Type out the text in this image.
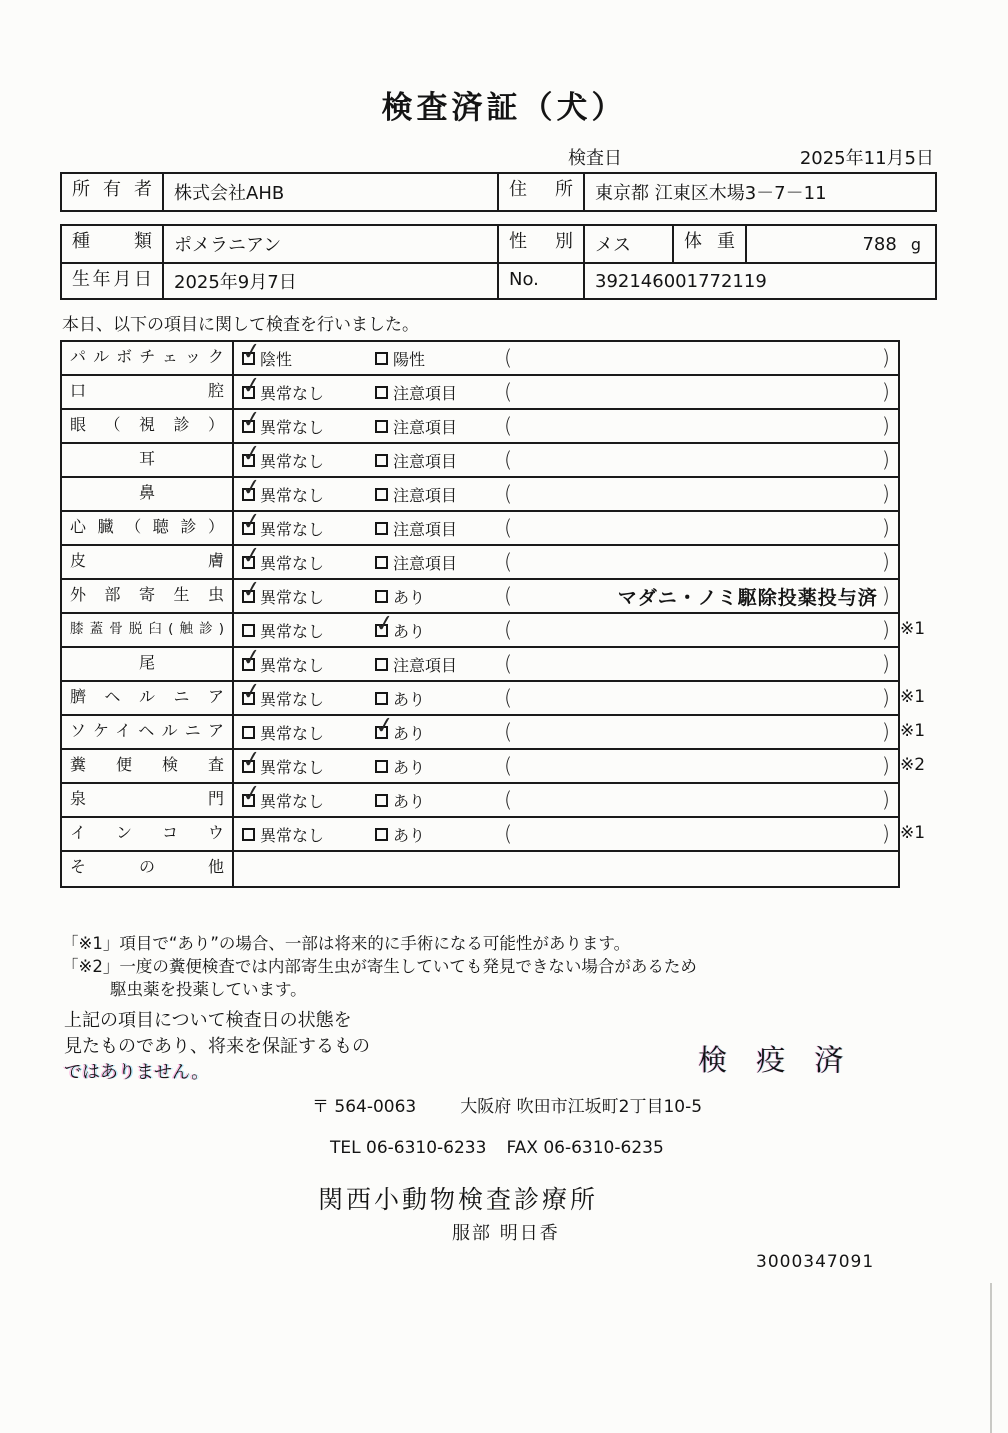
検査済証（犬）
検査日	2025年11月5日
所有者	株式会社AHB	住所	東京都 江東区木場3－7－11
種類	ポメラニアン	性別	メス	体重	788 g
生年月日	2025年9月7日	No.	392146001772119
本日、以下の項目に関して検査を行いました。
パルボチェック ✓	陰性	陽性	(	)
口腔 ✓	異常なし	注意項目 (	)
眼（視診） ✓	異常なし	注意項目 (	)
耳 ✓	異常なし	注意項目 (	)
鼻 ✓	異常なし	注意項目 (	)
心臓（聴診） ✓	異常なし	注意項目 (	)
皮膚 ✓	異常なし	注意項目 (	)
外部寄生虫 ✓	異常なし	あり	(	マダニ・ノミ駆除投薬投与済 )
膝蓋骨脱臼(触診)	異常なし ✓	あり	(	) ※1
尾 ✓	異常なし	注意項目 (	)
臍ヘルニア ✓	異常なし	あり	(	) ※1
ソケイヘルニア	異常なし ✓	あり	(	) ※1
糞便検査 ✓	異常なし	あり	(	) ※2
泉門 ✓	異常なし	あり	(	)
インコウ	異常なし	あり	(	) ※1
その他
「※1」項目で“あり”の場合、一部は将来的に手術になる可能性があります。
「※2」一度の糞便検査では内部寄生虫が寄生していても発見できない場合があるため
駆虫薬を投薬しています。
上記の項目について検査日の状態を
見たものであり、将来を保証するもの
ではありません。	検 疫 済
〒 564-0063	大阪府 吹田市江坂町2丁目10-5
TEL 06-6310-6233 FAX 06-6310-6235
関西小動物検査診療所
服部 明日香
3000347091
